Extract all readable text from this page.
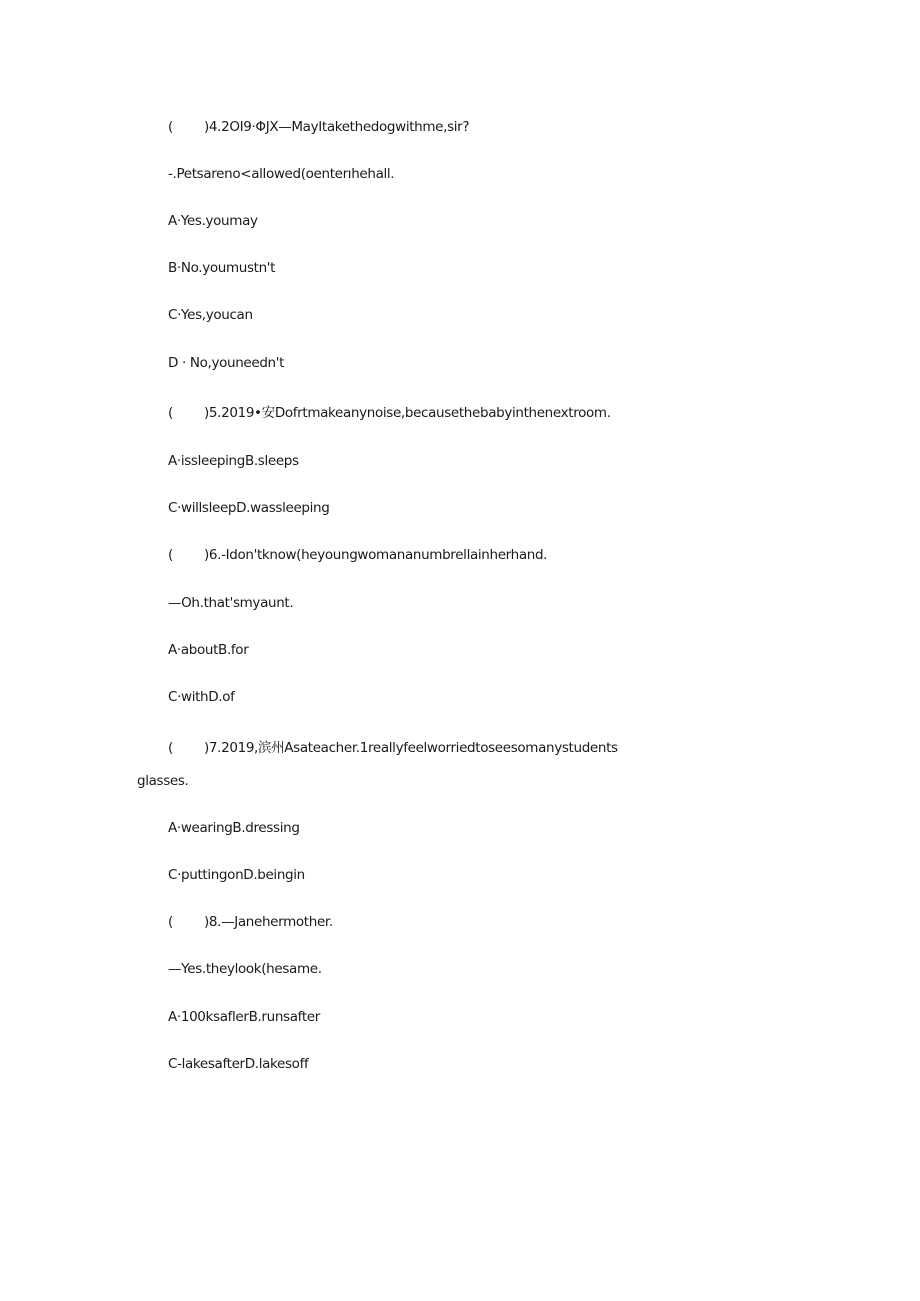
( )4.2OI9·ΦJX—MayItakethedogwithme,sir?
-.Petsareno<allowed(oenterıhehall.
A·Yes.youmay
B·No.youmustn't
C·Yes,youcan
D · No,youneedn't
( )5.2019•安Dofrtmakeanynoise,becausethebabyinthenextroom.
A·issleepingB.sleeps
C·willsleepD.wassleeping
( )6.-Idon'tknow(heyoungwomananumbrellainherhand.
—Oh.that'smyaunt.
A·aboutB.for
C·withD.of
( )7.2019,滨州Asateacher.1reallyfeelworriedtoseesomanystudents
glasses.
A·wearingB.dressing
C·puttingonD.beingin
( )8.—Janehermother.
—Yes.theylook(hesame.
A·100ksaflerB.runsafter
C-lakesafterD.lakesoff
